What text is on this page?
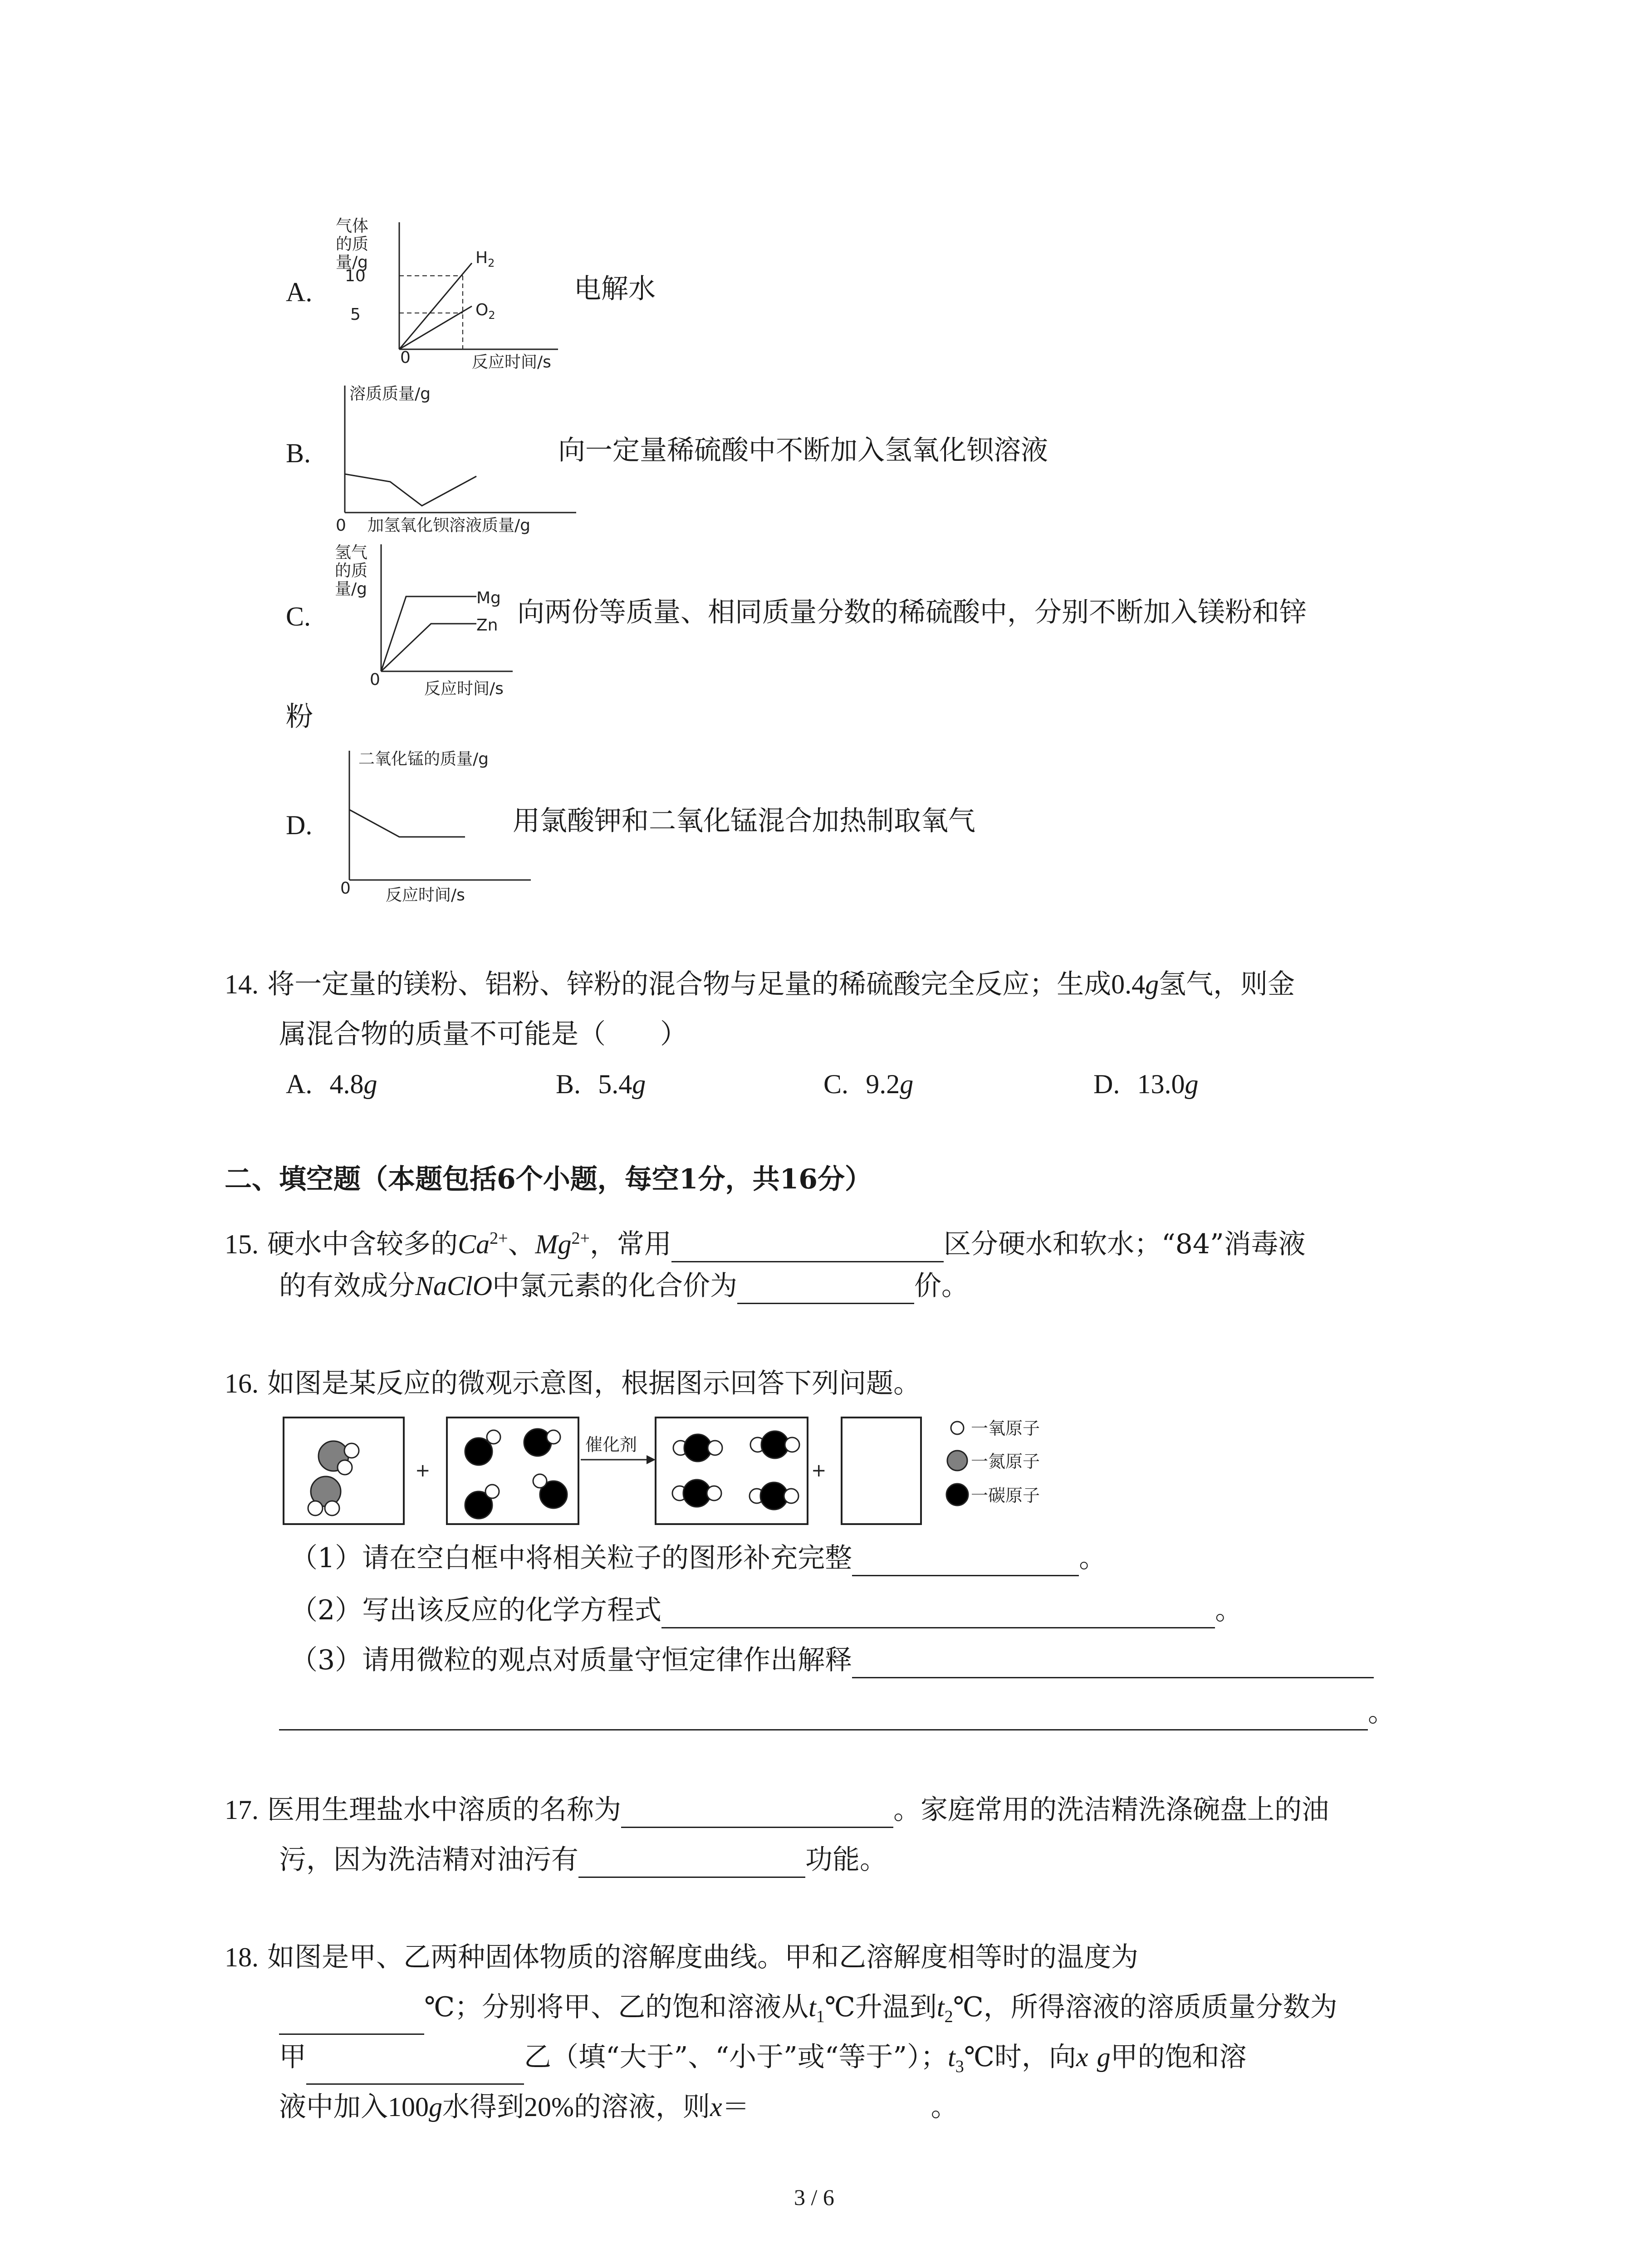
A.
气体
的质
量/g
10
5
0	反应时间/s
$H_2$
$O_2$
电解水
B.
溶质质量/g
0 加氢氧化钡溶液质量/g
向一定量稀硫酸中不断加入氢氧化钡溶液
C.
氢气
的质
量/g
0	反应时间/s
Mg
Zn 向两份等质量、相同质量分数的稀硫酸中，分别不断加入镁粉和锌
粉
D.
二氧化锰的质量/g
0 反应时间/s
用氯酸钾和二氧化锰混合加热制取氧气
14. 将一定量的镁粉、铝粉、锌粉的混合物与足量的稀硫酸完全反应；生成0.4g氢气，则金
属混合物的质量不可能是（　　）
A. 4.8g	B. 5.4g	C. 9.2g	D. 13.0g
二、填空题（本题包括6个小题，每空1分，共16分）
15. 硬水中含较多的$Ca^{2+}$、$Mg^{2+}$，常用	区分硬水和软水；“84”消毒液
的有效成分NaClO中氯元素的化合价为	价。
16. 如图是某反应的微观示意图，根据图示回答下列问题。
+
催化剂
+
一氧原子
一氮原子
一碳原子
（1）请在空白框中将相关粒子的图形补充完整	。
（2）写出该反应的化学方程式	。
（3）请用微粒的观点对质量守恒定律作出解释
。
17. 医用生理盐水中溶质的名称为	。家庭常用的洗洁精洗涤碗盘上的油
污，因为洗洁精对油污有	功能。
18. 如图是甲、乙两种固体物质的溶解度曲线。甲和乙溶解度相等时的温度为
℃；分别将甲、乙的饱和溶液从$t_1℃$升温到$t_2℃$，所得溶液的溶质质量分数为
甲	乙（填“大于”、“小于”或“等于”）；$t_3℃$时，向x g甲的饱和溶
液中加入100g水得到20%的溶液，则x＝	。
3 / 6
